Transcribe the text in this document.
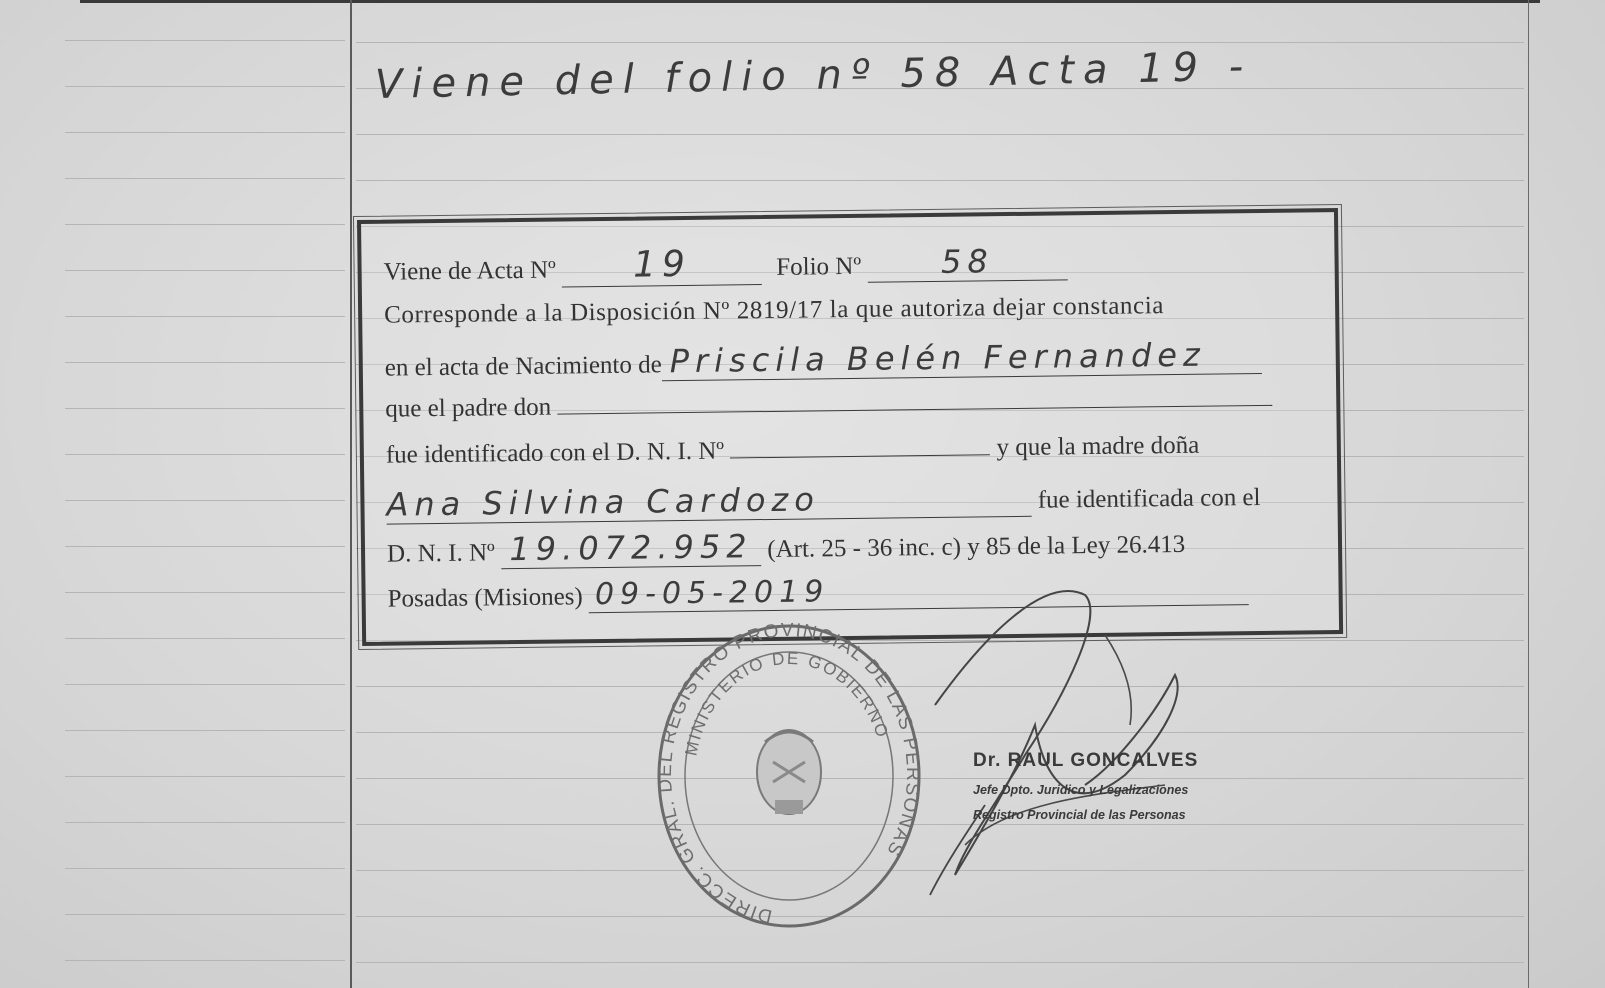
Viene del folio nº 58 Acta 19 -
Viene de Acta Nº 19	Folio Nº 58
Corresponde a la Disposición Nº 2819/17 la que autoriza dejar constancia
en el acta de Nacimiento de Priscila Belén Fernandez
que el padre don
fue identificado con el D. N. I. Nº	y que la madre doña
Ana Silvina Cardozo	fue identificada con el
D. N. I. Nº 19.072.952 (Art. 25 - 36 inc. c) y 85 de la Ley 26.413
Posadas (Misiones) 09-05-2019
DIRECC. GRAL. DEL REGISTRO PROVINCIAL DE LAS PERSONAS
MINISTERIO DE GOBIERNO
Dr. RAUL GONCALVES
Jefe Dpto. Juridico y Legalizaciones
Registro Provincial de las Personas
